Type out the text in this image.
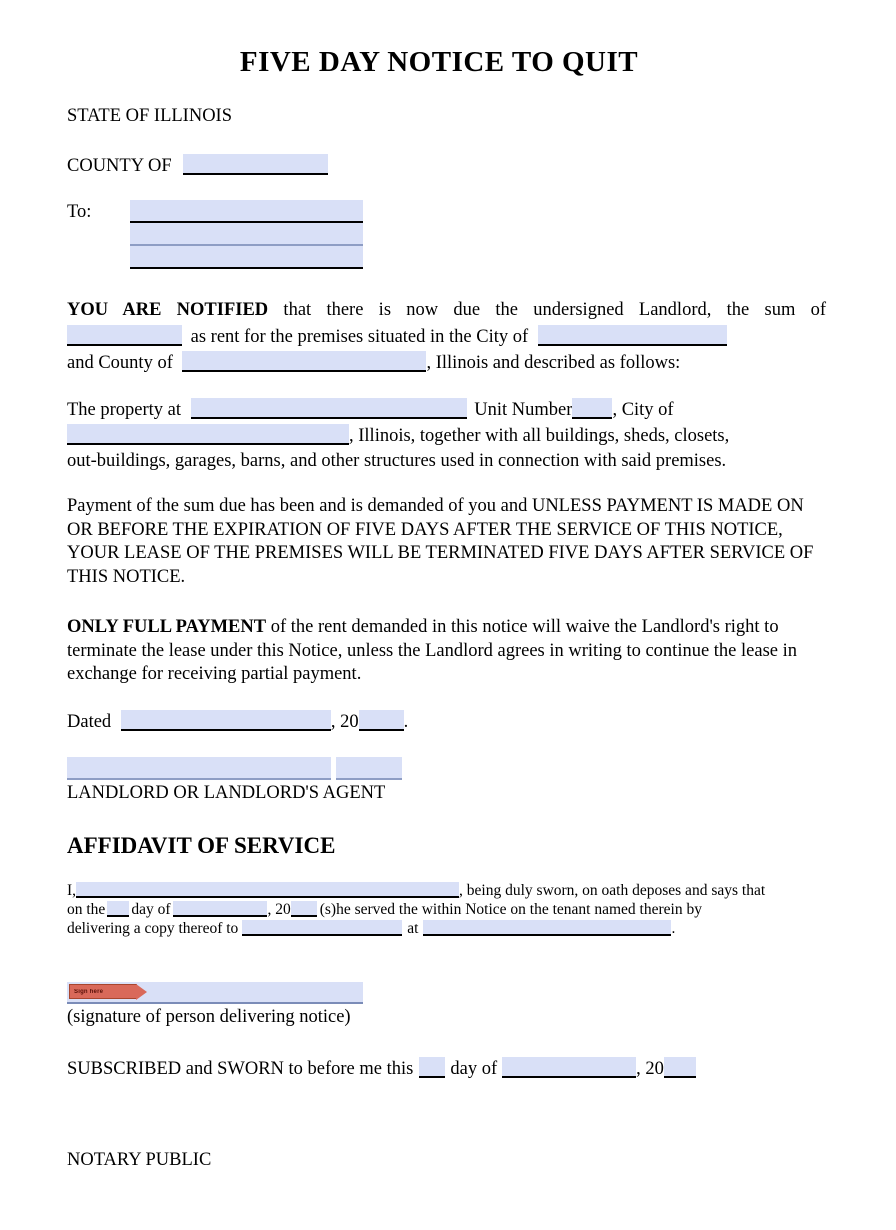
FIVE DAY NOTICE TO QUIT
STATE OF ILLINOIS
COUNTY OF
To:
YOU ARE NOTIFIED that there is now due the undersigned Landlord, the sum of
as rent for the premises situated in the City of
and County of	, Illinois and described as follows:
The property at	Unit Number , City of
, Illinois, together with all buildings, sheds, closets,
out-buildings, garages, barns, and other structures used in connection with said premises.
Payment of the sum due has been and is demanded of you and UNLESS PAYMENT IS MADE ON OR BEFORE THE EXPIRATION OF FIVE DAYS AFTER THE SERVICE OF THIS NOTICE, YOUR LEASE OF THE PREMISES WILL BE TERMINATED FIVE DAYS AFTER SERVICE OF THIS NOTICE.
ONLY FULL PAYMENT of the rent demanded in this notice will waive the Landlord's right to terminate the lease under this Notice, unless the Landlord agrees in writing to continue the lease in exchange for receiving partial payment.
Dated	, 20 .
LANDLORD OR LANDLORD'S AGENT
AFFIDAVIT OF SERVICE
I,	, being duly sworn, on oath deposes and says that
on the day of	, 20 (s)he served the within Notice on the tenant named therein by
delivering a copy thereof to	at	.
Sign here
(signature of person delivering notice)
SUBSCRIBED and SWORN to before me this day of	, 20
NOTARY PUBLIC
